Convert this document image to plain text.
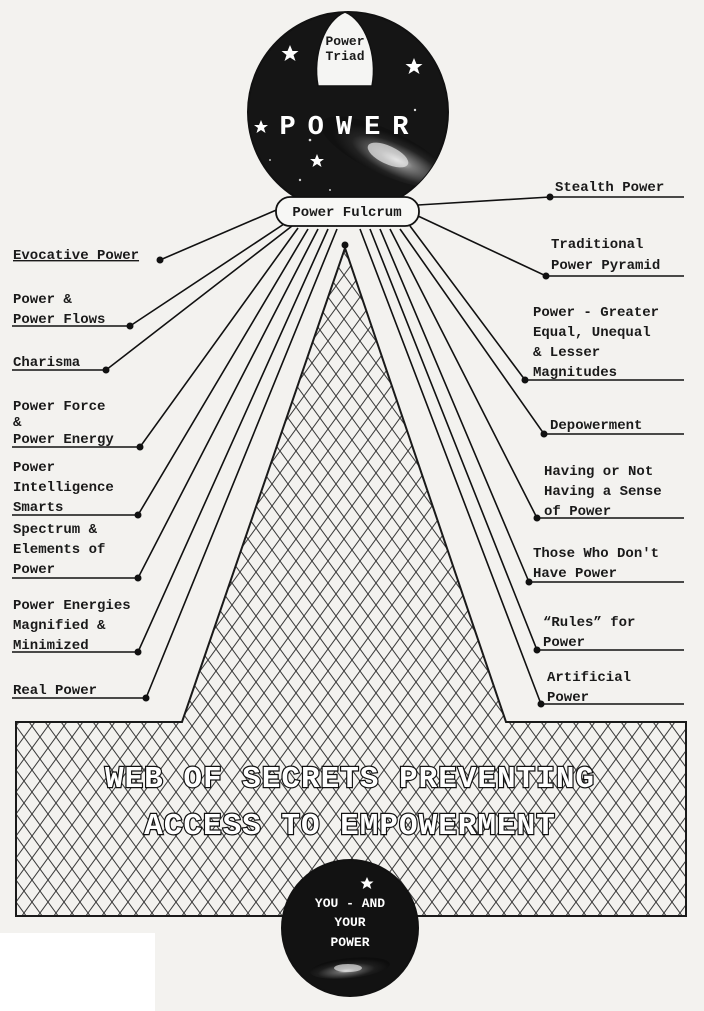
Evocative Power
Power & Power Flows
Charisma
Power Force & Power Energy
Power Intelligence Smarts
Spectrum & Elements of Power
Power Energies Magnified & Minimized
Real Power
Stealth Power
Traditional Power Pyramid
Power - Greater Equal, Unequal & Lesser Magnitudes
Depowerment
Having or Not Having a Sense of Power
Those Who Don't Have Power
“Rules” for Power
Artificial Power
WEB OF SECRETS PREVENTING
ACCESS TO EMPOWERMENT
Power
Triad
POWER
Power Fulcrum
YOU - AND
YOUR
POWER
